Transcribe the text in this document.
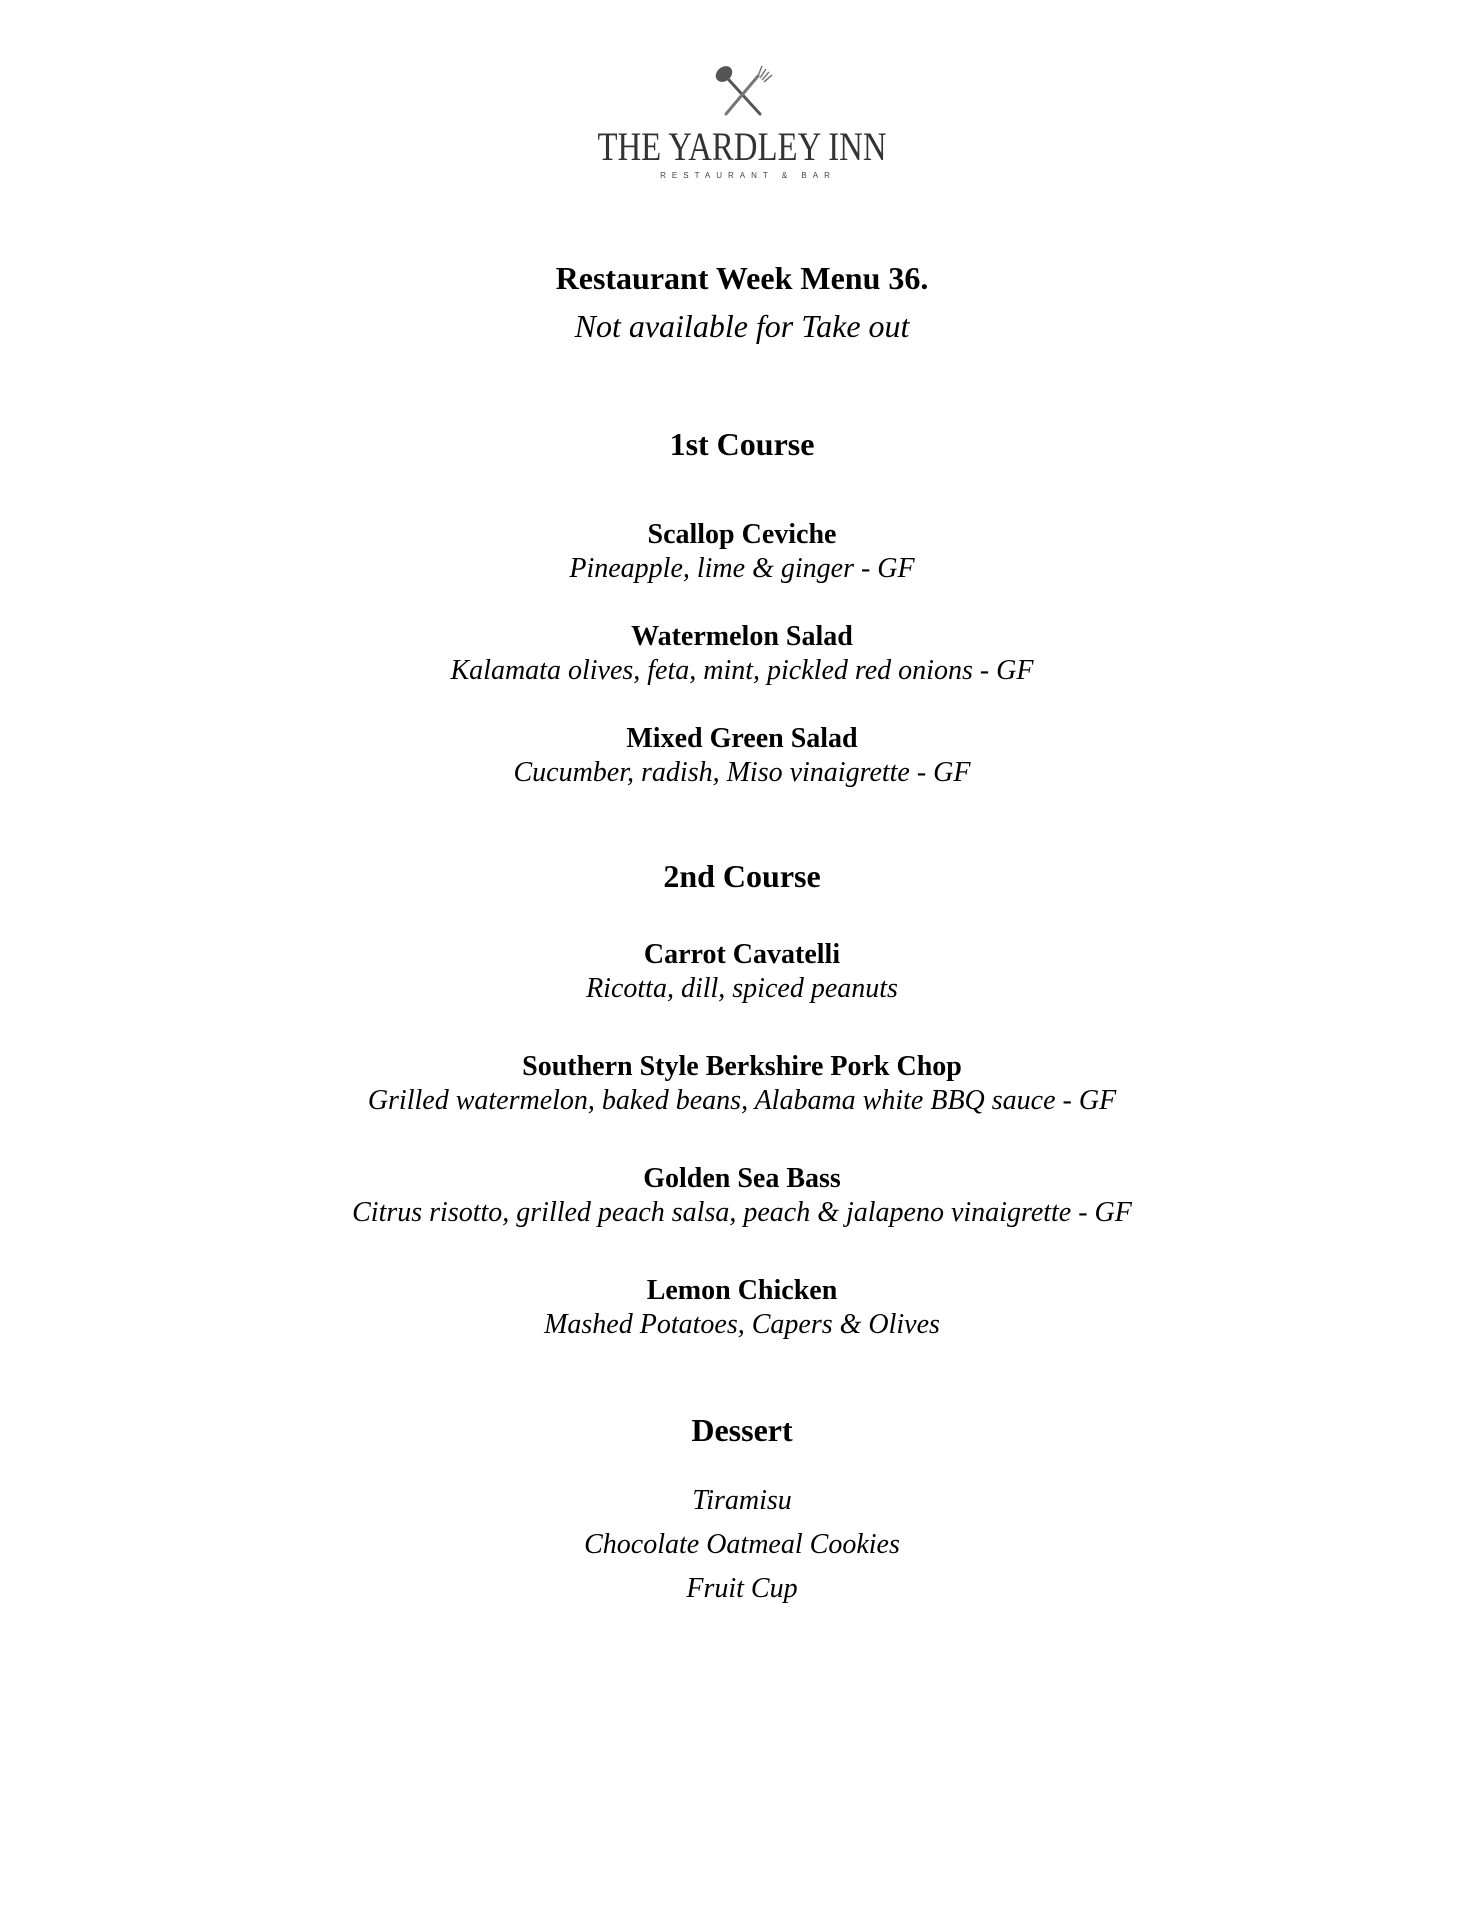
THE YARDLEY INN
RESTAURANT & BAR
Restaurant Week Menu 36.
Not available for Take out
1st Course
Scallop Ceviche
Pineapple, lime & ginger - GF
Watermelon Salad
Kalamata olives, feta, mint, pickled red onions - GF
Mixed Green Salad
Cucumber, radish, Miso vinaigrette - GF
2nd Course
Carrot Cavatelli
Ricotta, dill, spiced peanuts
Southern Style Berkshire Pork Chop
Grilled watermelon, baked beans, Alabama white BBQ sauce - GF
Golden Sea Bass
Citrus risotto, grilled peach salsa, peach & jalapeno vinaigrette - GF
Lemon Chicken
Mashed Potatoes, Capers & Olives
Dessert
Tiramisu
Chocolate Oatmeal Cookies
Fruit Cup
